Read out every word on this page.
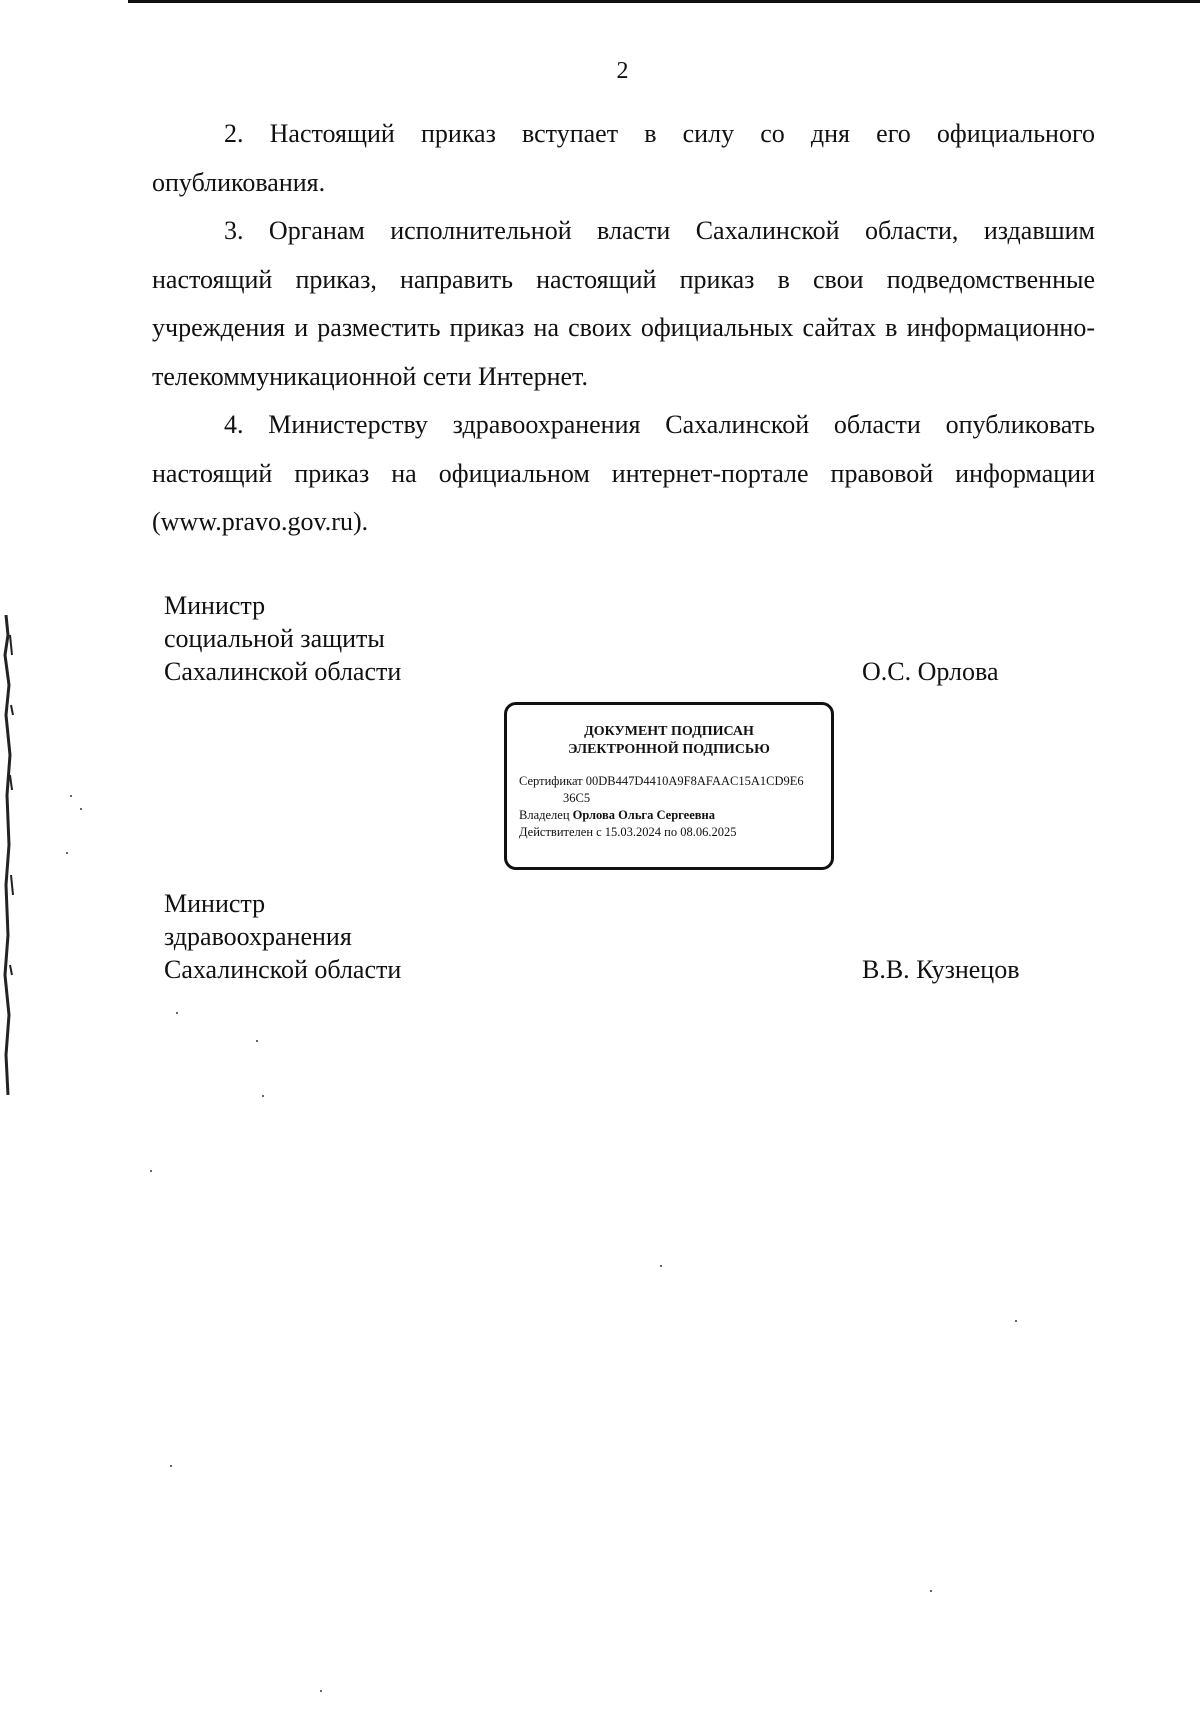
2

2. Настоящий приказ вступает в силу со дня его официального опубликования.

3. Органам исполнительной власти Сахалинской области, издавшим настоящий приказ, направить настоящий приказ в свои подведомственные учреждения и разместить приказ на своих официальных сайтах в информационно-телекоммуникационной сети Интернет.

4. Министерству здравоохранения Сахалинской области опубликовать настоящий приказ на официальном интернет-портале правовой информации (www.pravo.gov.ru).

Министр
социальной защиты
Сахалинской области	О.С. Орлова
ДОКУМЕНТ ПОДПИСАН
ЭЛЕКТРОННОЙ ПОДПИСЬЮ
Сертификат 00DB447D4410A9F8AFAAC15A1CD9E6
36C5
Владелец Орлова Ольга Сергеевна
Действителен с 15.03.2024 по 08.06.2025
Министр
здравоохранения
Сахалинской области	В.В. Кузнецов
